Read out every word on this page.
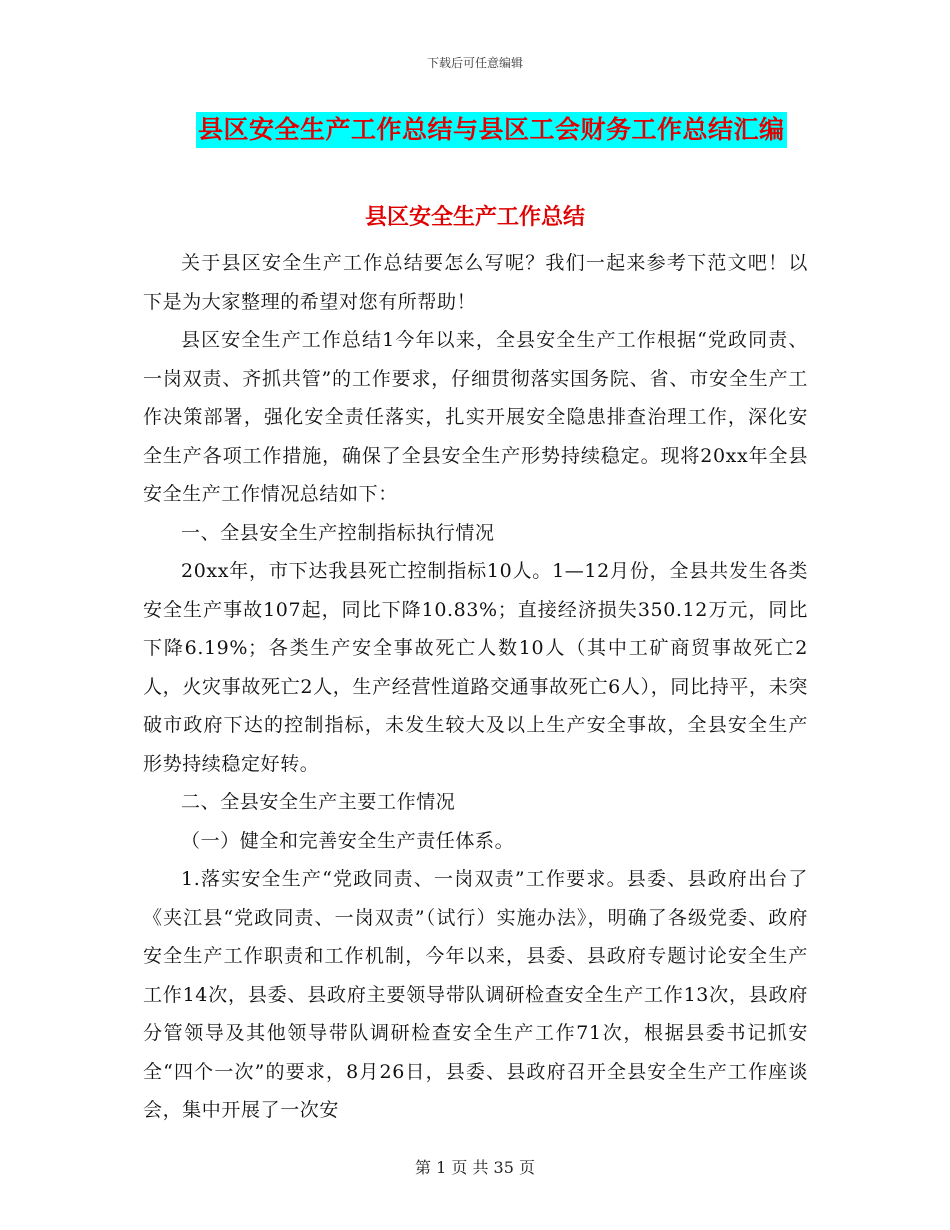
下载后可任意编辑
县区安全生产工作总结与县区工会财务工作总结汇编
县区安全生产工作总结

关于县区安全生产工作总结要怎么写呢？我们一起来参考下范文吧！以下是为大家整理的希望对您有所帮助！

县区安全生产工作总结1今年以来，全县安全生产工作根据“党政同责、一岗双责、齐抓共管”的工作要求，仔细贯彻落实国务院、省、市安全生产工作决策部署，强化安全责任落实，扎实开展安全隐患排查治理工作，深化安全生产各项工作措施，确保了全县安全生产形势持续稳定。现将20xx年全县安全生产工作情况总结如下：

一、全县安全生产控制指标执行情况

20xx年，市下达我县死亡控制指标10人。1—12月份，全县共发生各类安全生产事故107起，同比下降10.83%；直接经济损失350.12万元，同比下降6.19%；各类生产安全事故死亡人数10人（其中工矿商贸事故死亡2人，火灾事故死亡2人，生产经营性道路交通事故死亡6人），同比持平，未突破市政府下达的控制指标，未发生较大及以上生产安全事故，全县安全生产形势持续稳定好转。

二、全县安全生产主要工作情况

（一）健全和完善安全生产责任体系。

1.落实安全生产“党政同责、一岗双责”工作要求。县委、县政府出台了《夹江县“党政同责、一岗双责”（试行）实施办法》，明确了各级党委、政府安全生产工作职责和工作机制，今年以来，县委、县政府专题讨论安全生产工作14次，县委、县政府主要领导带队调研检查安全生产工作13次，县政府分管领导及其他领导带队调研检查安全生产工作71次，根据县委书记抓安全“四个一次”的要求，8月26日，县委、县政府召开全县安全生产工作座谈会，集中开展了一次安

第 1 页 共 35 页
